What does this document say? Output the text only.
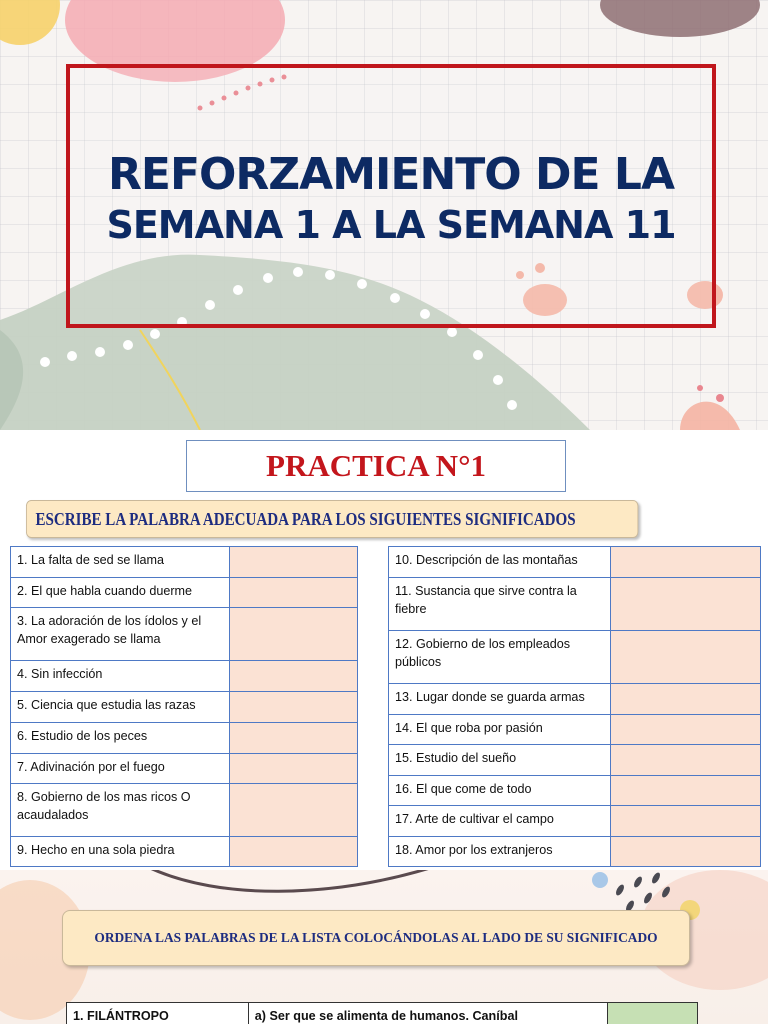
REFORZAMIENTO DE LA
SEMANA 1 A LA SEMANA 11
PRACTICA N°1
ESCRIBE LA PALABRA ADECUADA PARA LOS SIGUIENTES SIGNIFICADOS
1. La falta de sed se llama	
2. El que habla cuando duerme	
3. La adoración de los ídolos y el Amor exagerado se llama	
4. Sin infección	
5. Ciencia que estudia las razas	
6. Estudio de los peces	
7. Adivinación por el fuego	
8. Gobierno de los mas ricos O acaudalados	
9. Hecho en una sola piedra	
10. Descripción de las montañas	
11. Sustancia que sirve contra la fiebre	
12. Gobierno de los empleados públicos	
13. Lugar donde se guarda armas	
14. El que roba por pasión	
15. Estudio del sueño	
16. El que come de todo	
17. Arte de cultivar el campo	
18. Amor por los extranjeros	
ORDENA LAS PALABRAS DE LA LISTA COLOCÁNDOLAS AL LADO DE SU SIGNIFICADO
1. FILÁNTROPO	a) Ser que se alimenta de humanos. Caníbal	
